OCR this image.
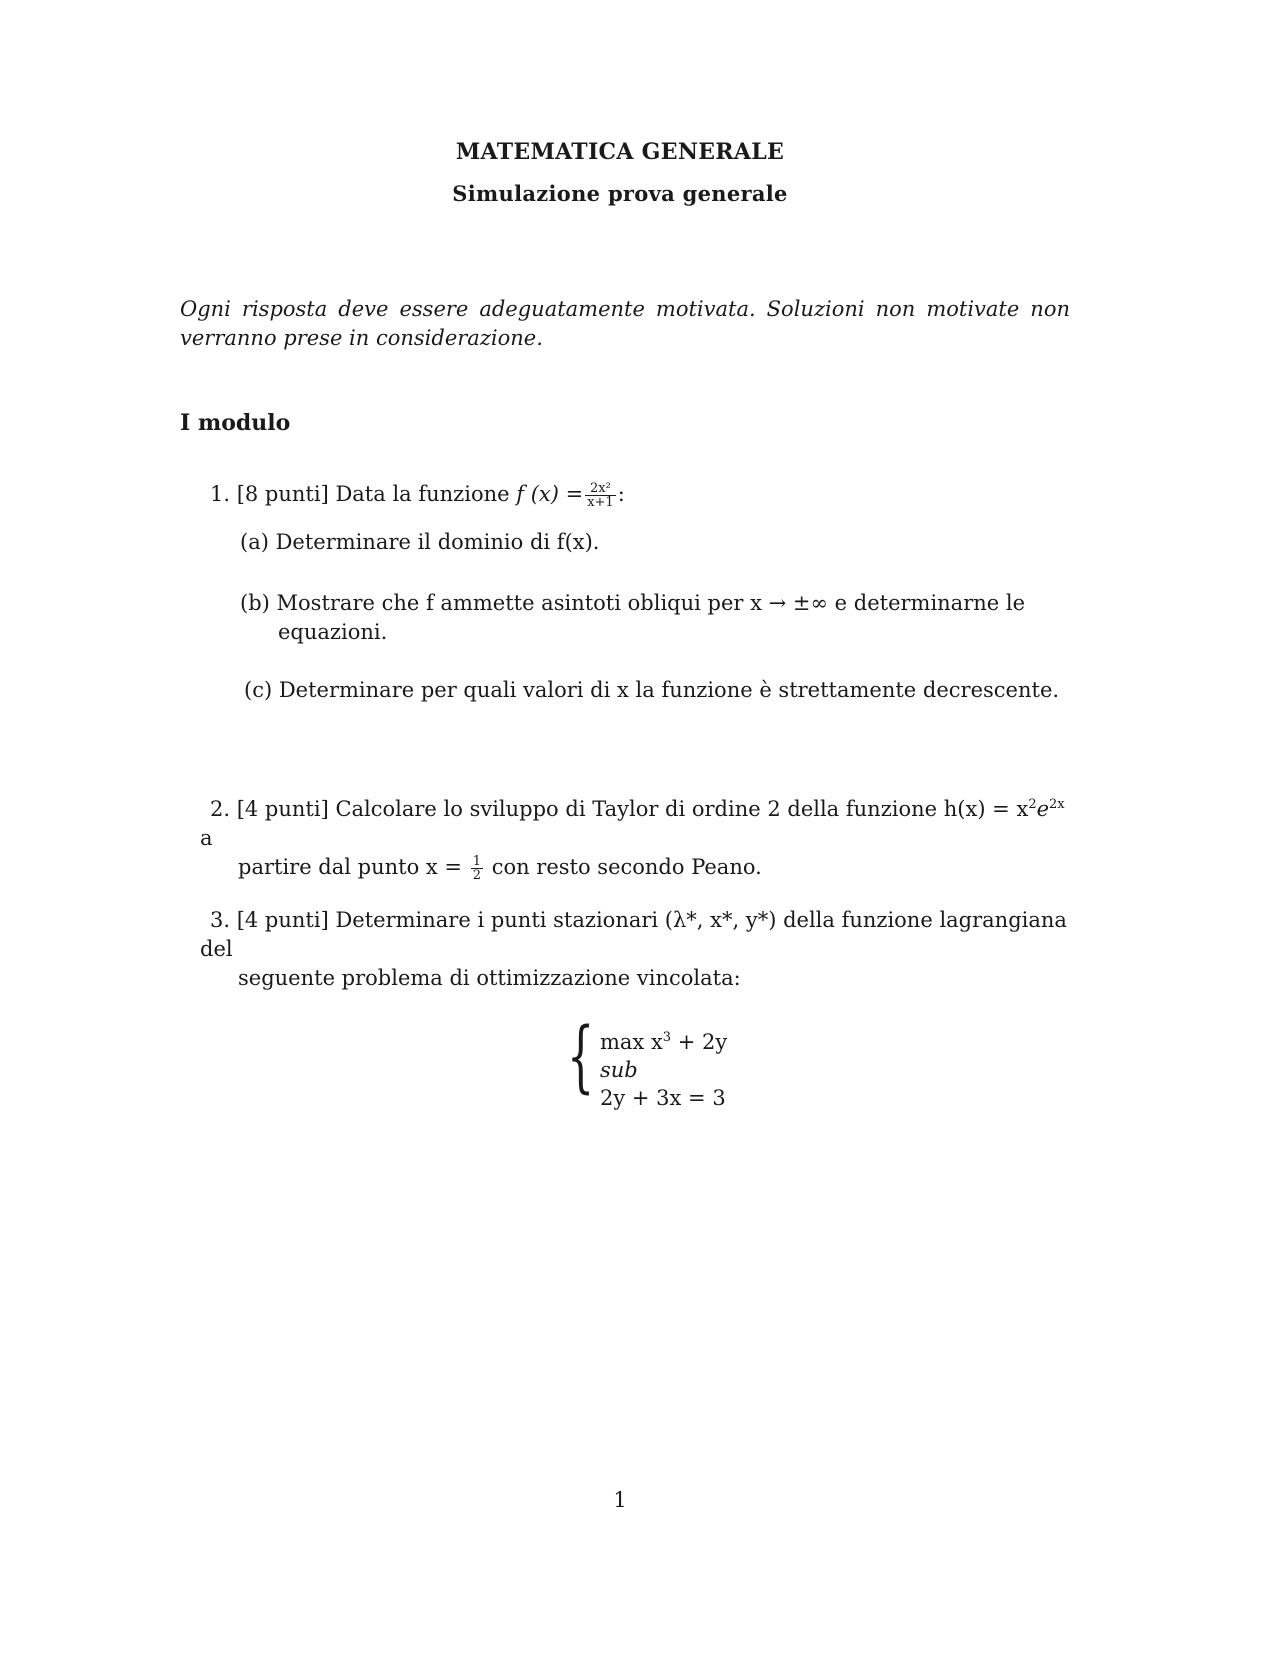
MATEMATICA GENERALE
Simulazione prova generale
Ogni risposta deve essere adeguatamente motivata. Soluzioni non motivate non verranno prese in considerazione.
I modulo
1. [8 punti] Data la funzione f $(x) = \frac{\text{2x²}}{x+1}$ :
(a) Determinare il dominio di f(x).
(b) Mostrare che f ammette asintoti obliqui per x → ±∞ e determinarne le
equazioni.
(c) Determinare per quali valori di x la funzione è strettamente decrescente.
2. [4 punti] Calcolare lo sviluppo di Taylor di ordine 2 della funzione $h(x) = x^2e^{2x}$ a
partire dal punto $x = \frac{1}{2}$ con resto secondo Peano.
3. [4 punti] Determinare i punti stazionari (λ*, x*, y*) della funzione lagrangiana del
seguente problema di ottimizzazione vincolata:
{ $\max x^3 + 2y$
sub
2y + 3x = 3
1
